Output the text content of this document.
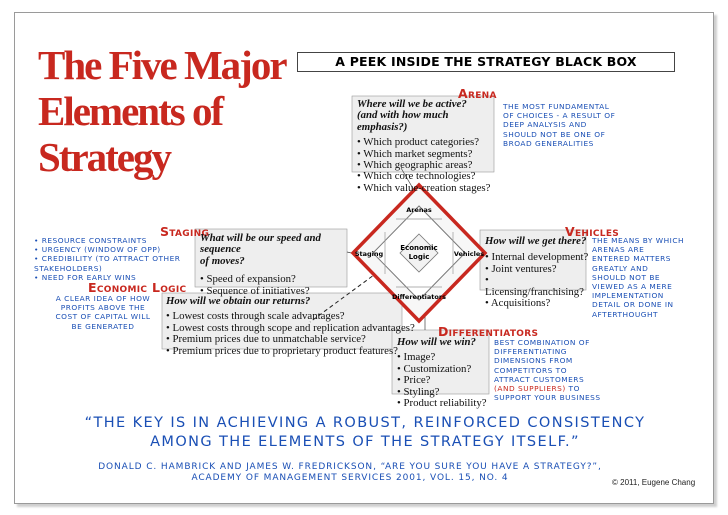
The Five Major
Elements of
Strategy
A PEEK INSIDE THE STRATEGY BLACK BOX
Economic
Logic
Arenas
Staging	Vehicles
Differentiators
Arena
Where will we be active?
(and with how much emphasis?)
• Which product categories?
• Which market segments?
• Which geographic areas?
• Which core technologies?
• Which value-creation stages?
THE MOST FUNDAMENTAL
OF CHOICES - A RESULT OF
DEEP ANALYSIS AND
SHOULD NOT BE ONE OF
BROAD GENERALITIES
Staging
• RESOURCE CONSTRAINTS
• URGENCY (WINDOW OF OPP)
• CREDIBILITY (TO ATTRACT OTHER
STAKEHOLDERS)
• NEED FOR EARLY WINS
What will be our speed and sequence
of moves?
• Speed of expansion?
• Sequence of initiatives?
Vehicles
How will we get there?
• Internal development?
• Joint ventures?
• Licensing/franchising?
• Acquisitions?
THE MEANS BY WHICH
ARENAS ARE
ENTERED MATTERS
GREATLY AND
SHOULD NOT BE
VIEWED AS A MERE
IMPLEMENTATION
DETAIL OR DONE IN
AFTERTHOUGHT
Economic Logic
A CLEAR IDEA OF HOW
PROFITS ABOVE THE
COST OF CAPITAL WILL
BE GENERATED
How will we obtain our returns?
• Lowest costs through scale advantages?
• Lowest costs through scope and replication advantages?
• Premium prices due to unmatchable service?
• Premium prices due to proprietary product features?
Differentiators
How will we win?
• Image?
• Customization?
• Price?
• Styling?
• Product reliability?
BEST COMBINATION OF
DIFFERENTIATING
DIMENSIONS FROM
COMPETITORS TO
ATTRACT CUSTOMERS
(AND SUPPLIERS) TO
SUPPORT YOUR BUSINESS
“THE KEY IS IN ACHIEVING A ROBUST, REINFORCED CONSISTENCY
AMONG THE ELEMENTS OF THE STRATEGY ITSELF.”
DONALD C. HAMBRICK AND JAMES W. FREDRICKSON, “ARE YOU SURE YOU HAVE A STRATEGY?”,
ACADEMY OF MANAGEMENT SERVICES 2001, VOL. 15, NO. 4	© 2011, Eugene Chang
